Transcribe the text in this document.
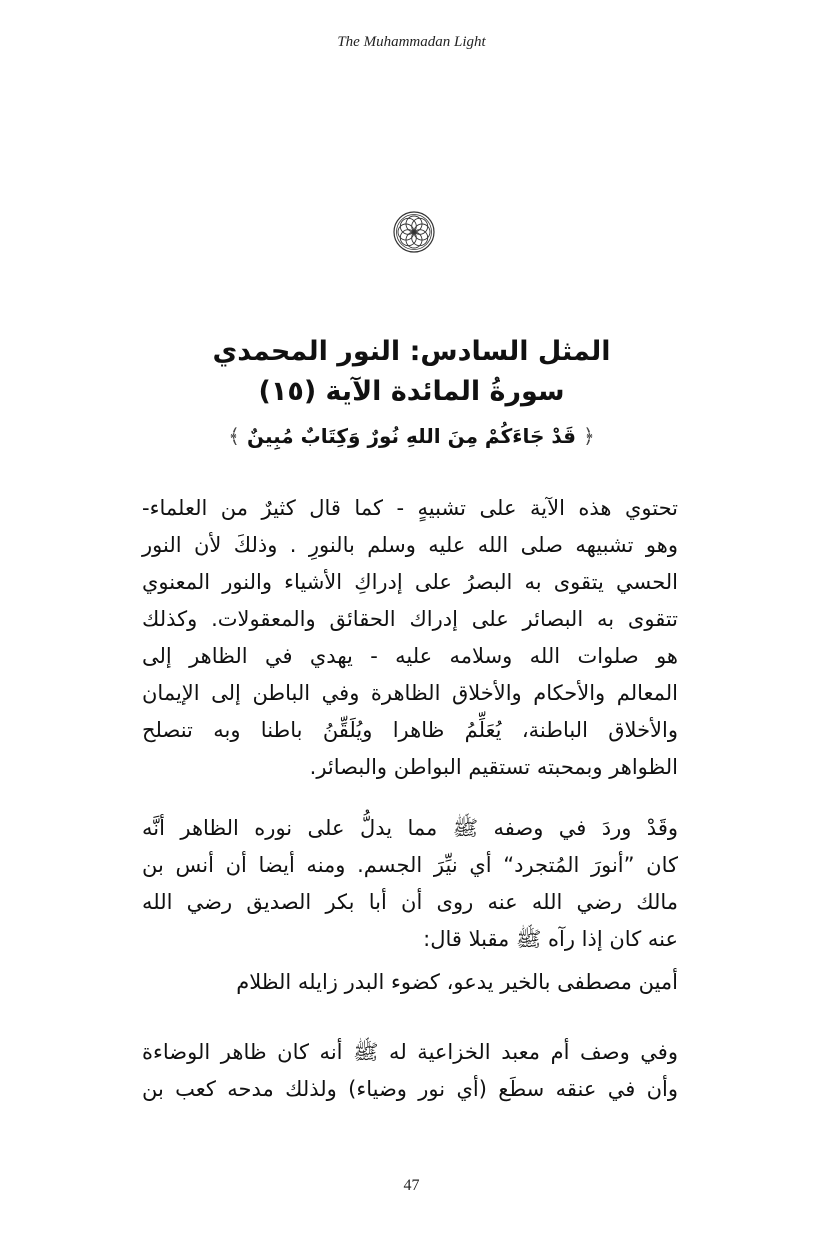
The Muhammadan Light
المثل السادس: النور المحمدي
سورةُ المائدة الآية (١٥)
﴿ قَدْ جَاءَكُمْ مِنَ اللهِ نُورٌ وَكِتَابٌ مُبِينٌ ﴾
تحتوي هذه الآية على تشبيهٍ - كما قال كثيرٌ من العلماء-
وهو تشبيهه صلى الله عليه وسلم بالنورِ . وذلكَ لأن النور
الحسي يتقوى به البصرُ على إدراكِ الأشياء والنور المعنوي
تتقوى به البصائر على إدراك الحقائق والمعقولات. وكذلك
هو صلوات الله وسلامه عليه - يهدي في الظاهر إلى
المعالم والأحكام والأخلاق الظاهرة وفي الباطن إلى الإيمان
والأخلاق الباطنة، يُعَلِّمُ ظاهرا ويُلَقِّنُ باطنا وبه تنصلح
الظواهر وبمحبته تستقيم البواطن والبصائر.
وقَدْ وردَ في وصفه ﷺ مما يدلُّ على نوره الظاهر أنَّه
كان ”أنورَ المُتجرد“ أي نيِّرَ الجسم. ومنه أيضا أن أنس بن
مالك رضي الله عنه روى أن أبا بكر الصديق رضي الله
عنه كان إذا رآه ﷺ مقبلا قال:
أمين مصطفى بالخير يدعو، كضوء البدر زايله الظلام
وفي وصف أم معبد الخزاعية له ﷺ أنه كان ظاهر الوضاءة
وأن في عنقه سطَع (أي نور وضياء) ولذلك مدحه كعب بن
47
